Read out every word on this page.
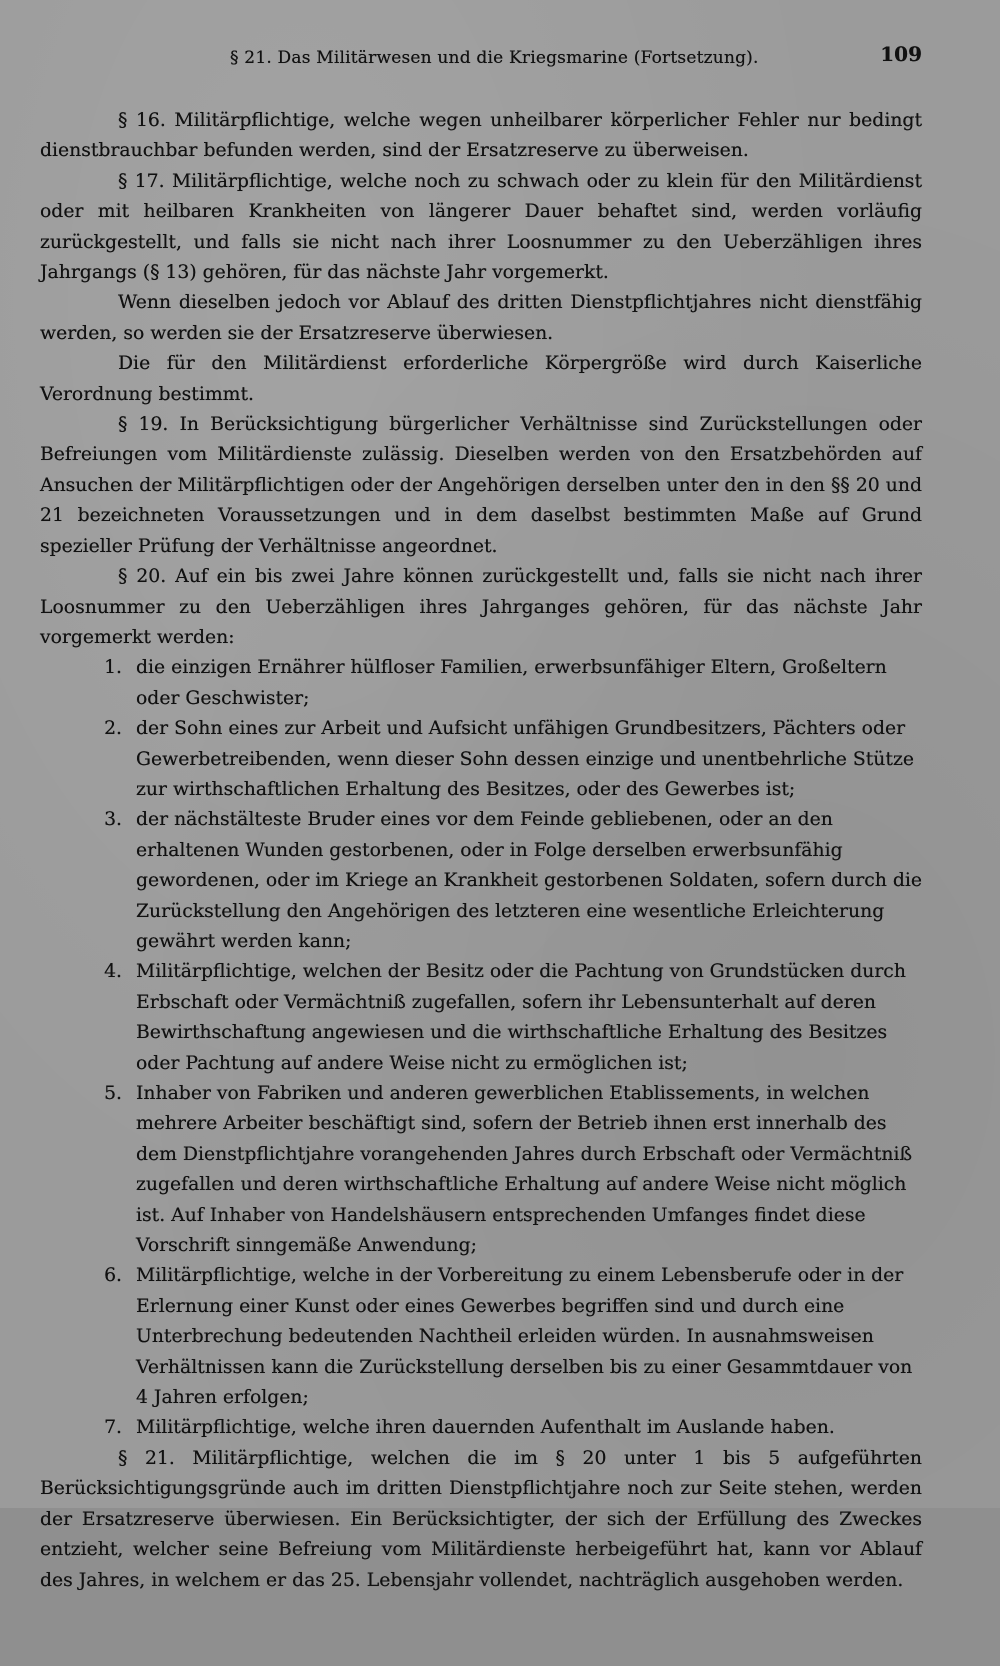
§ 21. Das Militärwesen und die Kriegsmarine (Fortsetzung).	109

§ 16. Militärpflichtige, welche wegen unheilbarer körperlicher Fehler nur bedingt dienstbrauchbar befunden werden, sind der Ersatzreserve zu überweisen.

§ 17. Militärpflichtige, welche noch zu schwach oder zu klein für den Militärdienst oder mit heilbaren Krankheiten von längerer Dauer behaftet sind, werden vorläufig zurückgestellt, und falls sie nicht nach ihrer Loosnummer zu den Ueberzähligen ihres Jahrgangs (§ 13) gehören, für das nächste Jahr vorgemerkt.

Wenn dieselben jedoch vor Ablauf des dritten Dienstpflichtjahres nicht dienstfähig werden, so werden sie der Ersatzreserve überwiesen.

Die für den Militärdienst erforderliche Körpergröße wird durch Kaiserliche Verordnung bestimmt.

§ 19. In Berücksichtigung bürgerlicher Verhältnisse sind Zurückstellungen oder Befreiungen vom Militärdienste zulässig. Dieselben werden von den Ersatzbehörden auf Ansuchen der Militärpflichtigen oder der Angehörigen derselben unter den in den §§ 20 und 21 bezeichneten Voraussetzungen und in dem daselbst bestimmten Maße auf Grund spezieller Prüfung der Verhältnisse angeordnet.

§ 20. Auf ein bis zwei Jahre können zurückgestellt und, falls sie nicht nach ihrer Loosnummer zu den Ueberzähligen ihres Jahrganges gehören, für das nächste Jahr vorgemerkt werden:

1. die einzigen Ernährer hülfloser Familien, erwerbsunfähiger Eltern, Großeltern oder Geschwister;
2. der Sohn eines zur Arbeit und Aufsicht unfähigen Grundbesitzers, Pächters oder Gewerbetreibenden, wenn dieser Sohn dessen einzige und unentbehrliche Stütze zur wirthschaftlichen Erhaltung des Besitzes, oder des Gewerbes ist;
3. der nächstälteste Bruder eines vor dem Feinde gebliebenen, oder an den erhaltenen Wunden gestorbenen, oder in Folge derselben erwerbsunfähig gewordenen, oder im Kriege an Krankheit gestorbenen Soldaten, sofern durch die Zurückstellung den Angehörigen des letzteren eine wesentliche Erleichterung gewährt werden kann;
4. Militärpflichtige, welchen der Besitz oder die Pachtung von Grundstücken durch Erbschaft oder Vermächtniß zugefallen, sofern ihr Lebensunterhalt auf deren Bewirthschaftung angewiesen und die wirthschaftliche Erhaltung des Besitzes oder Pachtung auf andere Weise nicht zu ermöglichen ist;
5. Inhaber von Fabriken und anderen gewerblichen Etablissements, in welchen mehrere Arbeiter beschäftigt sind, sofern der Betrieb ihnen erst innerhalb des dem Dienstpflichtjahre vorangehenden Jahres durch Erbschaft oder Vermächtniß zugefallen und deren wirthschaftliche Erhaltung auf andere Weise nicht möglich ist. Auf Inhaber von Handelshäusern entsprechenden Umfanges findet diese Vorschrift sinngemäße Anwendung;
6. Militärpflichtige, welche in der Vorbereitung zu einem Lebensberufe oder in der Erlernung einer Kunst oder eines Gewerbes begriffen sind und durch eine Unterbrechung bedeutenden Nachtheil erleiden würden. In ausnahmsweisen Verhältnissen kann die Zurückstellung derselben bis zu einer Gesammtdauer von 4 Jahren erfolgen;
7. Militärpflichtige, welche ihren dauernden Aufenthalt im Auslande haben.

§ 21. Militärpflichtige, welchen die im § 20 unter 1 bis 5 aufgeführten Berücksichtigungsgründe auch im dritten Dienstpflichtjahre noch zur Seite stehen, werden der Ersatzreserve überwiesen. Ein Berücksichtigter, der sich der Erfüllung des Zweckes entzieht, welcher seine Befreiung vom Militärdienste herbeigeführt hat, kann vor Ablauf des Jahres, in welchem er das 25. Lebensjahr vollendet, nachträglich ausgehoben werden.
